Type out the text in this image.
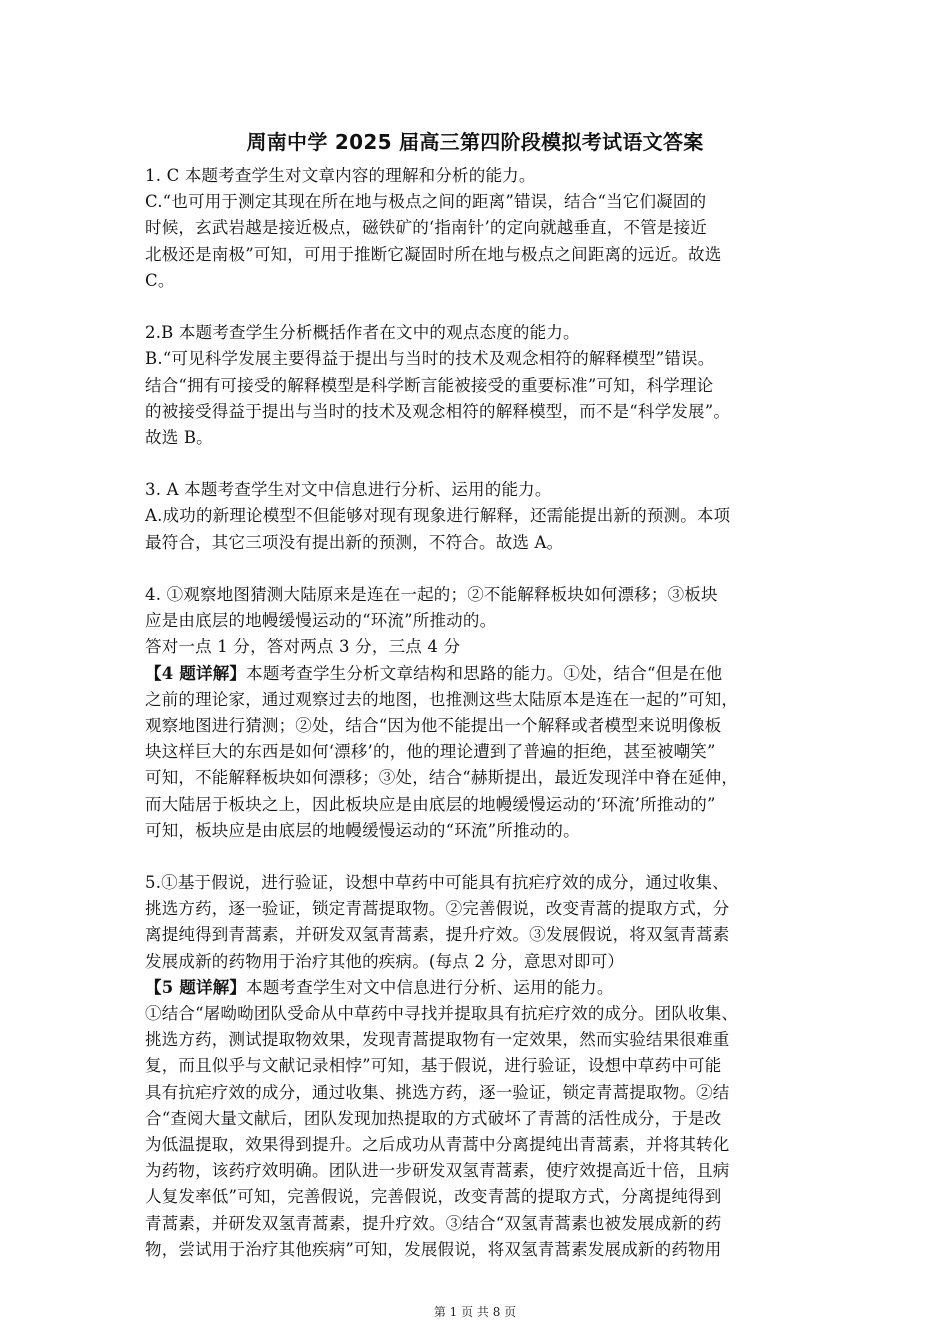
周南中学 2025 届高三第四阶段模拟考试语文答案
1. C 本题考查学生对文章内容的理解和分析的能力。
C.“也可用于测定其现在所在地与极点之间的距离”错误，结合“当它们凝固的
时候，玄武岩越是接近极点，磁铁矿的‘指南针’的定向就越垂直，不管是接近
北极还是南极”可知，可用于推断它凝固时所在地与极点之间距离的远近。故选
C。
2.B 本题考查学生分析概括作者在文中的观点态度的能力。
B.“可见科学发展主要得益于提出与当时的技术及观念相符的解释模型”错误。
结合“拥有可接受的解释模型是科学断言能被接受的重要标准”可知，科学理论
的被接受得益于提出与当时的技术及观念相符的解释模型，而不是“科学发展”。
故选 B。
3. A 本题考查学生对文中信息进行分析、运用的能力。
A.成功的新理论模型不但能够对现有现象进行解释，还需能提出新的预测。本项
最符合，其它三项没有提出新的预测，不符合。故选 A。
4. ①观察地图猜测大陆原来是连在一起的；②不能解释板块如何漂移；③板块
应是由底层的地幔缓慢运动的“环流”所推动的。
答对一点 1 分，答对两点 3 分，三点 4 分
【4 题详解】本题考查学生分析文章结构和思路的能力。①处，结合“但是在他
之前的理论家，通过观察过去的地图，也推测这些太陆原本是连在一起的”可知，
观察地图进行猜测；②处，结合“因为他不能提出一个解释或者模型来说明像板
块这样巨大的东西是如何‘漂移’的，他的理论遭到了普遍的拒绝，甚至被嘲笑”
可知，不能解释板块如何漂移；③处，结合“赫斯提出，最近发现洋中脊在延伸，
而大陆居于板块之上，因此板块应是由底层的地幔缓慢运动的‘环流’所推动的”
可知，板块应是由底层的地幔缓慢运动的“环流”所推动的。
5.①基于假说，进行验证，设想中草药中可能具有抗疟疗效的成分，通过收集、
挑选方药，逐一验证，锁定青蒿提取物。②完善假说，改变青蒿的提取方式，分
离提纯得到青蒿素，并研发双氢青蒿素，提升疗效。③发展假说，将双氢青蒿素
发展成新的药物用于治疗其他的疾病。(每点 2 分，意思对即可）
【5 题详解】本题考查学生对文中信息进行分析、运用的能力。
①结合“屠呦呦团队受命从中草药中寻找并提取具有抗疟疗效的成分。团队收集、
挑选方药，测试提取物效果，发现青蒿提取物有一定效果，然而实验结果很难重
复，而且似乎与文献记录相悖”可知，基于假说，进行验证，设想中草药中可能
具有抗疟疗效的成分，通过收集、挑选方药，逐一验证，锁定青蒿提取物。②结
合“查阅大量文献后，团队发现加热提取的方式破坏了青蒿的活性成分，于是改
为低温提取，效果得到提升。之后成功从青蒿中分离提纯出青蒿素，并将其转化
为药物，该药疗效明确。团队进一步研发双氢青蒿素，使疗效提高近十倍，且病
人复发率低”可知，完善假说，完善假说，改变青蒿的提取方式，分离提纯得到
青蒿素，并研发双氢青蒿素，提升疗效。③结合“双氢青蒿素也被发展成新的药
物，尝试用于治疗其他疾病”可知，发展假说，将双氢青蒿素发展成新的药物用
第 1 页 共 8 页
